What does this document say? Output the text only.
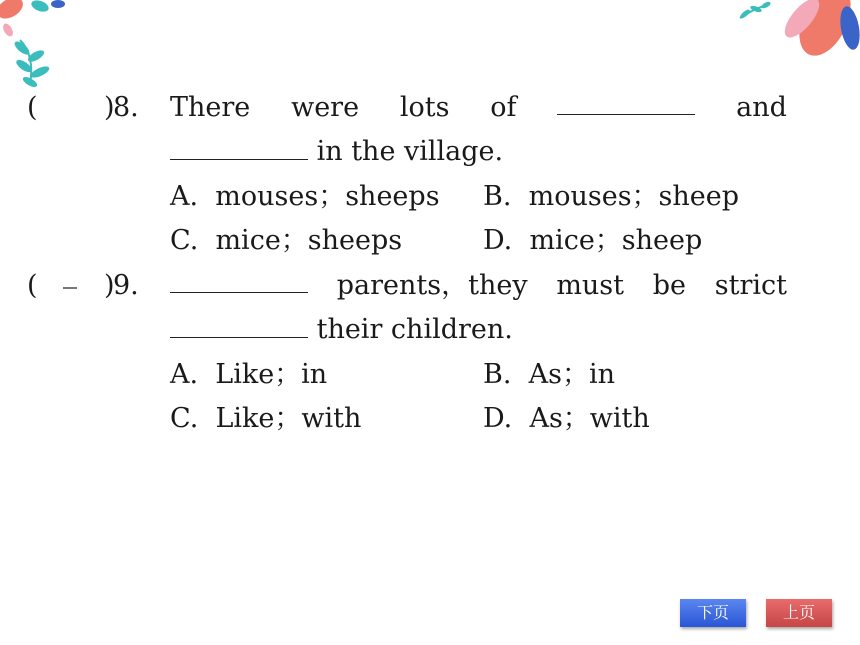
( )
8. There were lots of	and
in the village.
A. mouses；sheeps B. mouses；sheep
C. mice；sheeps	D. mice；sheep
( )
9.	parents，they must be strict
their children.
A. Like；in	B. As；in
C. Like；with	D. As；with
下页	上页
